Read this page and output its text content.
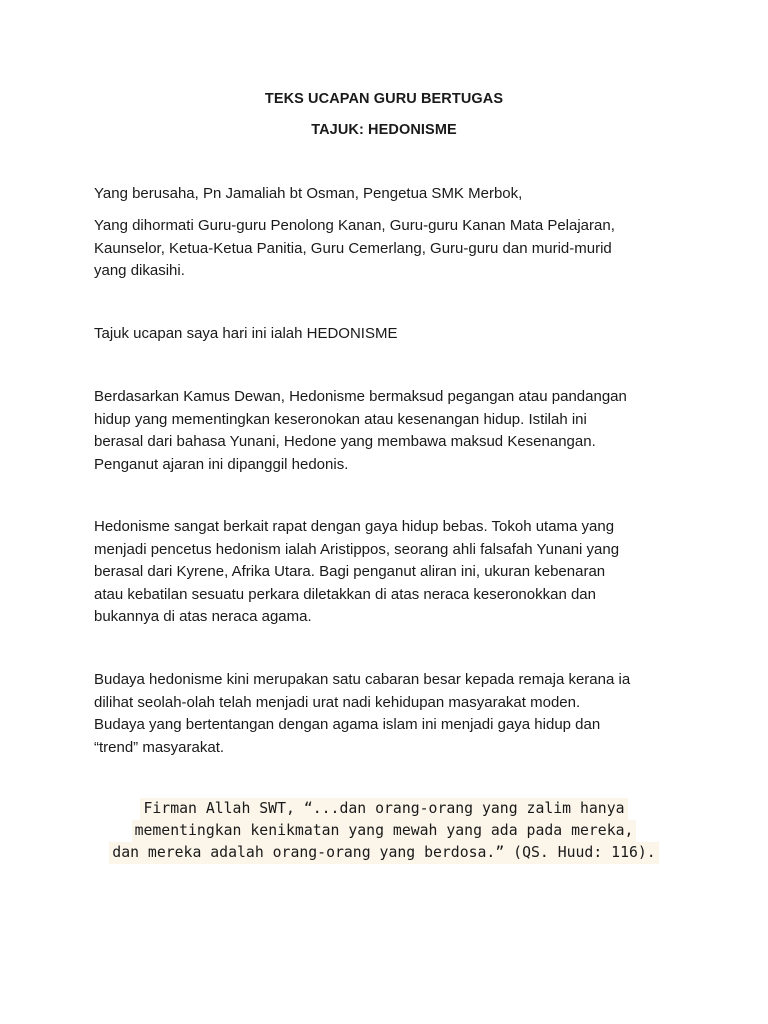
TEKS UCAPAN GURU BERTUGAS
TAJUK: HEDONISME

Yang berusaha, Pn Jamaliah bt Osman, Pengetua SMK Merbok,

Yang dihormati Guru-guru Penolong Kanan, Guru-guru Kanan Mata Pelajaran,
Kaunselor, Ketua-Ketua Panitia, Guru Cemerlang, Guru-guru dan murid-murid
yang dikasihi.

Tajuk ucapan saya hari ini ialah HEDONISME

Berdasarkan Kamus Dewan, Hedonisme bermaksud pegangan atau pandangan
hidup yang mementingkan keseronokan atau kesenangan hidup. Istilah ini
berasal dari bahasa Yunani, Hedone yang membawa maksud Kesenangan.
Penganut ajaran ini dipanggil hedonis.

Hedonisme sangat berkait rapat dengan gaya hidup bebas. Tokoh utama yang
menjadi pencetus hedonism ialah Aristippos, seorang ahli falsafah Yunani yang
berasal dari Kyrene, Afrika Utara. Bagi penganut aliran ini, ukuran kebenaran
atau kebatilan sesuatu perkara diletakkan di atas neraca keseronokkan dan
bukannya di atas neraca agama.

Budaya hedonisme kini merupakan satu cabaran besar kepada remaja kerana ia
dilihat seolah-olah telah menjadi urat nadi kehidupan masyarakat moden.
Budaya yang bertentangan dengan agama islam ini menjadi gaya hidup dan
“trend” masyarakat.

Firman Allah SWT, “...dan orang-orang yang zalim hanya
mementingkan kenikmatan yang mewah yang ada pada mereka,
dan mereka adalah orang-orang yang berdosa.” (QS. Huud: 116).
